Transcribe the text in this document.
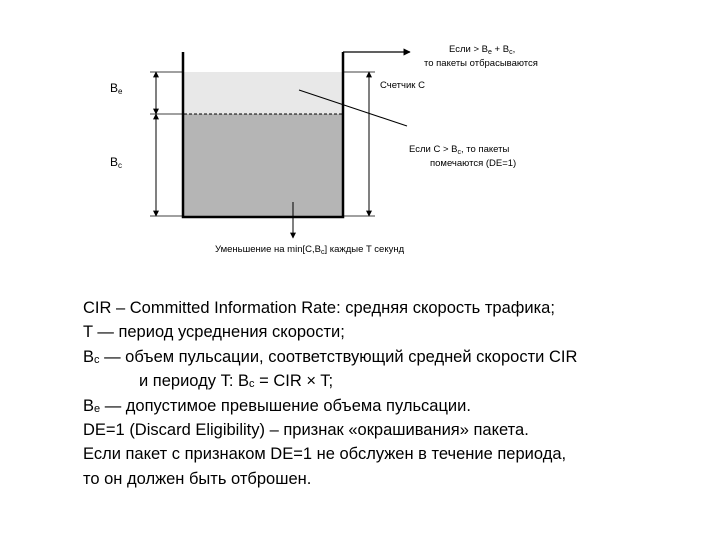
Be
Bc
Если > $B_e + B_c$,
то пакеты отбрасываются
Счетчик C
Если $C > B_c$, то пакеты
помечаются (DE=1)
Уменьшение на $\min[C,B_c]$ каждые T секунд
CIR – Committed Information Rate: средняя скорость трафика;
T — период усреднения скорости;
Bc — объем пульсации, соответствующий средней скорости CIR
и периоду T: Bc = CIR × T;
Be — допустимое превышение объема пульсации.
DE=1 (Discard Eligibility) – признак «окрашивания» пакета.
Если пакет с признаком DE=1 не обслужен в течение периода,
то он должен быть отброшен.
